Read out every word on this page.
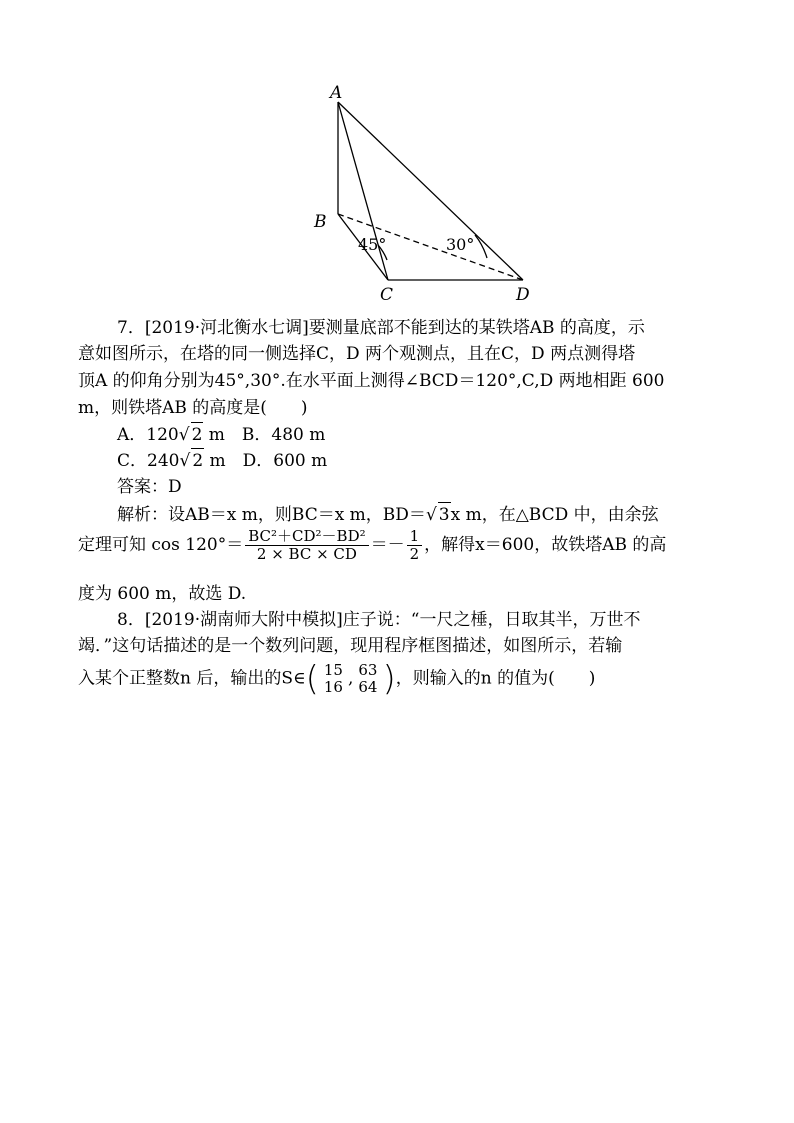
A
B
C	D
45°	30°
7．[2019·河北衡水七调]要测量底部不能到达的某铁塔AB 的高度，示
意如图所示，在塔的同一侧选择C，D 两个观测点，且在C，D 两点测得塔
顶A 的仰角分别为45°,30°.在水平面上测得∠BCD＝120°,C,D 两地相距 600
m，则铁塔AB 的高度是(　　)
A．120√ 2 m　B．480 m
C．240√ 2 m　D．600 m
答案：D
解析：设AB＝x m，则BC＝x m，BD＝√ 3x m，在△BCD 中，由余弦
定理可知 $\cos 120^\circ= \frac{\text{BC²＋CD²－BD²}}{2 \times BC \times CD} =- \frac{1}{2}$ ，解得x＝600，故铁塔AB 的高
度为 600 m，故选 D.
8．[2019·湖南师大附中模拟]庄子说：“一尺之棰，日取其半，万世不
竭．”这句话描述的是一个数列问题，现用程序框图描述，如图所示，若输
入某个正整数n 后，输出的S∈( 15
16 , 63
64 )，则输入的n 的值为(　　)
